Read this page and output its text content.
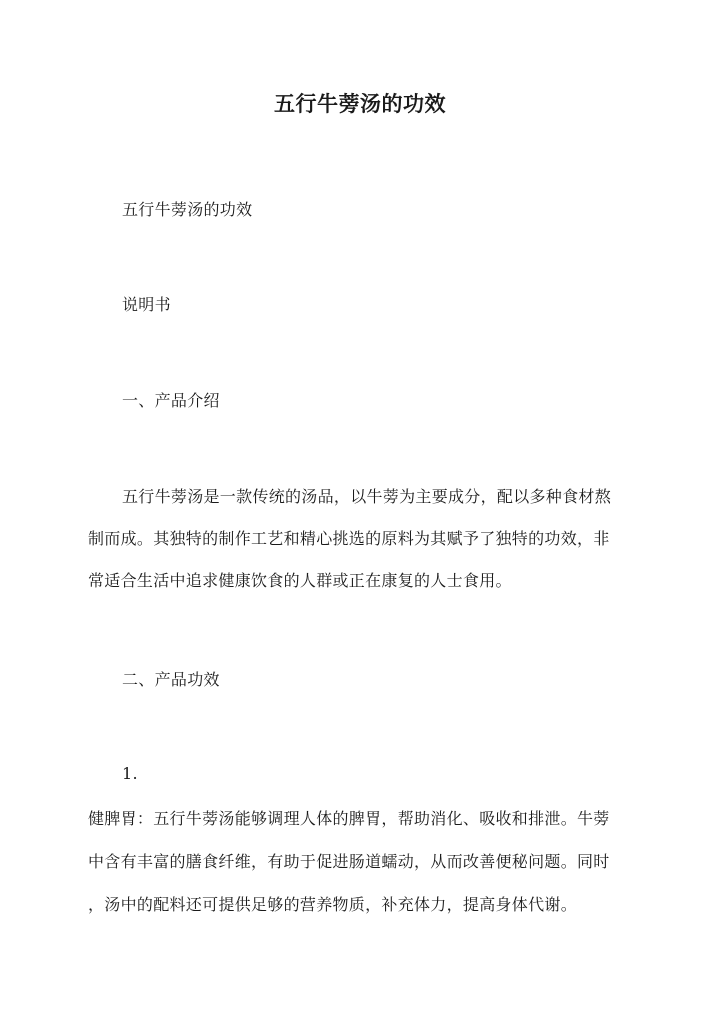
五行牛蒡汤的功效
五行牛蒡汤的功效
说明书
一、产品介绍
五行牛蒡汤是一款传统的汤品，以牛蒡为主要成分，配以多种食材熬
制而成。其独特的制作工艺和精心挑选的原料为其赋予了独特的功效，非
常适合生活中追求健康饮食的人群或正在康复的人士食用。
二、产品功效
1.
健脾胃：五行牛蒡汤能够调理人体的脾胃，帮助消化、吸收和排泄。牛蒡
中含有丰富的膳食纤维，有助于促进肠道蠕动，从而改善便秘问题。同时
，汤中的配料还可提供足够的营养物质，补充体力，提高身体代谢。
